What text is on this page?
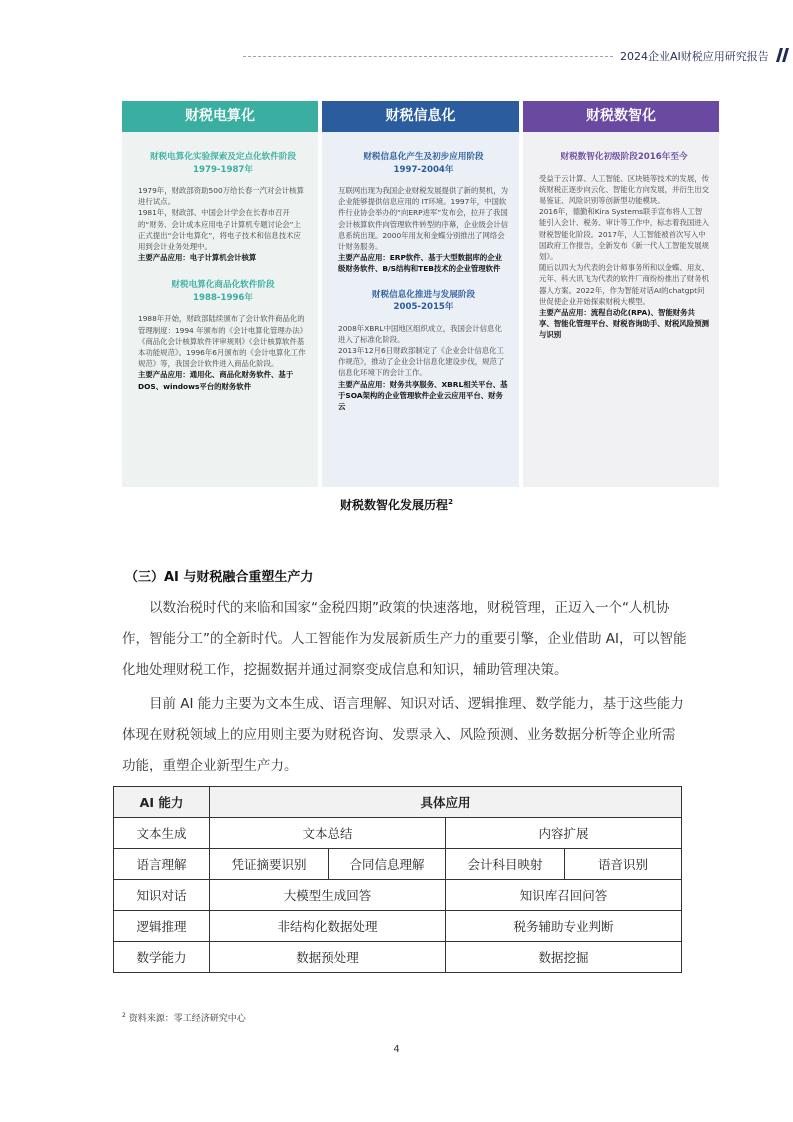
2024企业AI财税应用研究报告
财税电算化
财税电算化实验探索及定点化软件阶段
1979-1987年

1979年，财政部资助500万给长春一汽对会计核算进行试点。

1981年，财政部、中国会计学会在长春市召开的“财务、会计成本应用电子计算机专题讨论会”上正式提出“会计电算化”，将电子技术和信息技术应用到会计业务处理中。

主要产品应用：电子计算机会计核算
财税电算化商品化软件阶段
1988-1996年

1988年开始，财政部陆续颁布了会计软件商品化的管理制度：1994 年颁布的《会计电算化管理办法》《商品化会计核算软件评审规则》《会计核算软件基本功能规范》。1996年6月颁布的《会计电算化工作规范》等，我国会计软件进入商品化阶段。

主要产品应用：通用化、商品化财务软件、基于DOS、windows平台的财务软件
财税信息化
财税信息化产生及初步应用阶段
1997-2004年

互联网出现为我国企业财税发展提供了新的契机，为企业能够提供信息应用的 IT环境。1997年，中国软件行业协会举办的“向ERP进军”发布会，拉开了我国会计核算软件向管理软件转型的序幕，企业级会计信息系统出现。2000年用友和金蝶分别推出了网络会计财务服务。

主要产品应用：ERP软件、基于大型数据库的企业级财务软件、B/S结构和TEB技术的企业管理软件
财税信息化推进与发展阶段
2005-2015年

2008年XBRL中国地区组织成立，我国会计信息化进入了标准化阶段。

2013年12月6日财政部制定了《企业会计信息化工作规范》，推动了企业会计信息化建设步伐，规范了信息化环境下的会计工作。

主要产品应用：财务共享服务、XBRL相关平台、基于SOA架构的企业管理软件企业云应用平台、财务云
财税数智化
财税数智化初级阶段2016年至今

受益于云计算、人工智能、区块链等技术的发展，传统财税正逐步向云化、智能化方向发展，并衍生出交易鉴证、风险识别等创新型功能模块。

2016年，德勤和Kira Systems联手宣布将人工智能引入会计、税务、审计等工作中，标志着我国进入财税智能化阶段。2017年，人工智能被首次写入中国政府工作报告，全新发布《新一代人工智能发展规划》。

随后以四大为代表的会计师事务所和以金蝶、用友、元年、科大讯飞为代表的软件厂商纷纷推出了财务机器人方案。2022年，作为智能对话AI的chatgpt问世促使企业开始探索财税大模型。

主要产品应用：流程自动化(RPA)、智能财务共享、智能化管理平台、财税咨询助手、财税风险预测与识别
财税数智化发展历程$^2$
（三）AI 与财税融合重塑生产力

以数治税时代的来临和国家“金税四期”政策的快速落地，财税管理，正迈入一个“人机协作，智能分工”的全新时代。人工智能作为发展新质生产力的重要引擎，企业借助 AI，可以智能化地处理财税工作，挖掘数据并通过洞察变成信息和知识，辅助管理决策。

目前 AI 能力主要为文本生成、语言理解、知识对话、逻辑推理、数学能力，基于这些能力体现在财税领域上的应用则主要为财税咨询、发票录入、风险预测、业务数据分析等企业所需功能，重塑企业新型生产力。

AI 能力	具体应用			
文本生成	文本总结		内容扩展	
语言理解	凭证摘要识别	合同信息理解	会计科目映射	语音识别
知识对话	大模型生成回答		知识库召回问答	
逻辑推理	非结构化数据处理		税务辅助专业判断	
数学能力	数据预处理		数据挖掘	
$^2$ 资料来源：零工经济研究中心
4
